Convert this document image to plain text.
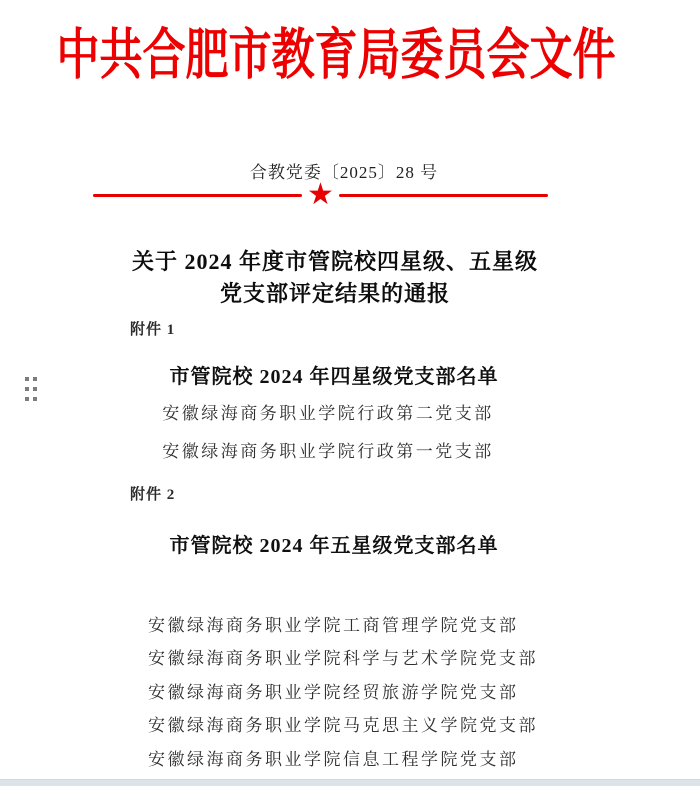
中共合肥市教育局委员会文件
合教党委〔2025〕28 号
★
关于 2024 年度市管院校四星级、五星级
党支部评定结果的通报
附件 1
市管院校 2024 年四星级党支部名单
安徽绿海商务职业学院行政第二党支部
安徽绿海商务职业学院行政第一党支部
附件 2
市管院校 2024 年五星级党支部名单
安徽绿海商务职业学院工商管理学院党支部
安徽绿海商务职业学院科学与艺术学院党支部
安徽绿海商务职业学院经贸旅游学院党支部
安徽绿海商务职业学院马克思主义学院党支部
安徽绿海商务职业学院信息工程学院党支部
